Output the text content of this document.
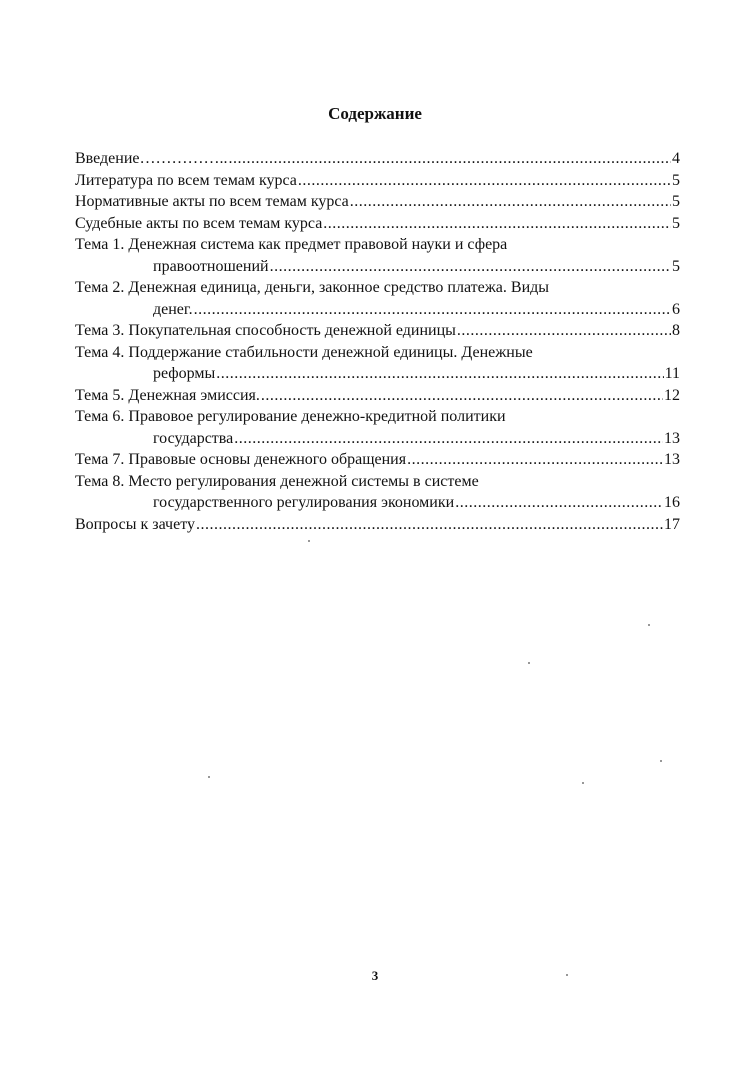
Содержание
Введение…………….. .....	4
Литература по всем темам курса .....	5
Нормативные акты по всем темам курса .....	5
Судебные акты по всем темам курса .....	5
Тема 1. Денежная система как предмет правовой науки и сфера
правоотношений .....	5
Тема 2. Денежная единица, деньги, законное средство платежа. Виды
денег. .....	6
Тема 3. Покупательная способность денежной единицы .....	8
Тема 4. Поддержание стабильности денежной единицы. Денежные
реформы .....	11
Тема 5. Денежная эмиссия. .....	12
Тема 6. Правовое регулирование денежно-кредитной политики
государства .....	13
Тема 7. Правовые основы денежного обращения .....	13
Тема 8. Место регулирования денежной системы в системе
государственного регулирования экономики .....	16
Вопросы к зачету .....	17
3
